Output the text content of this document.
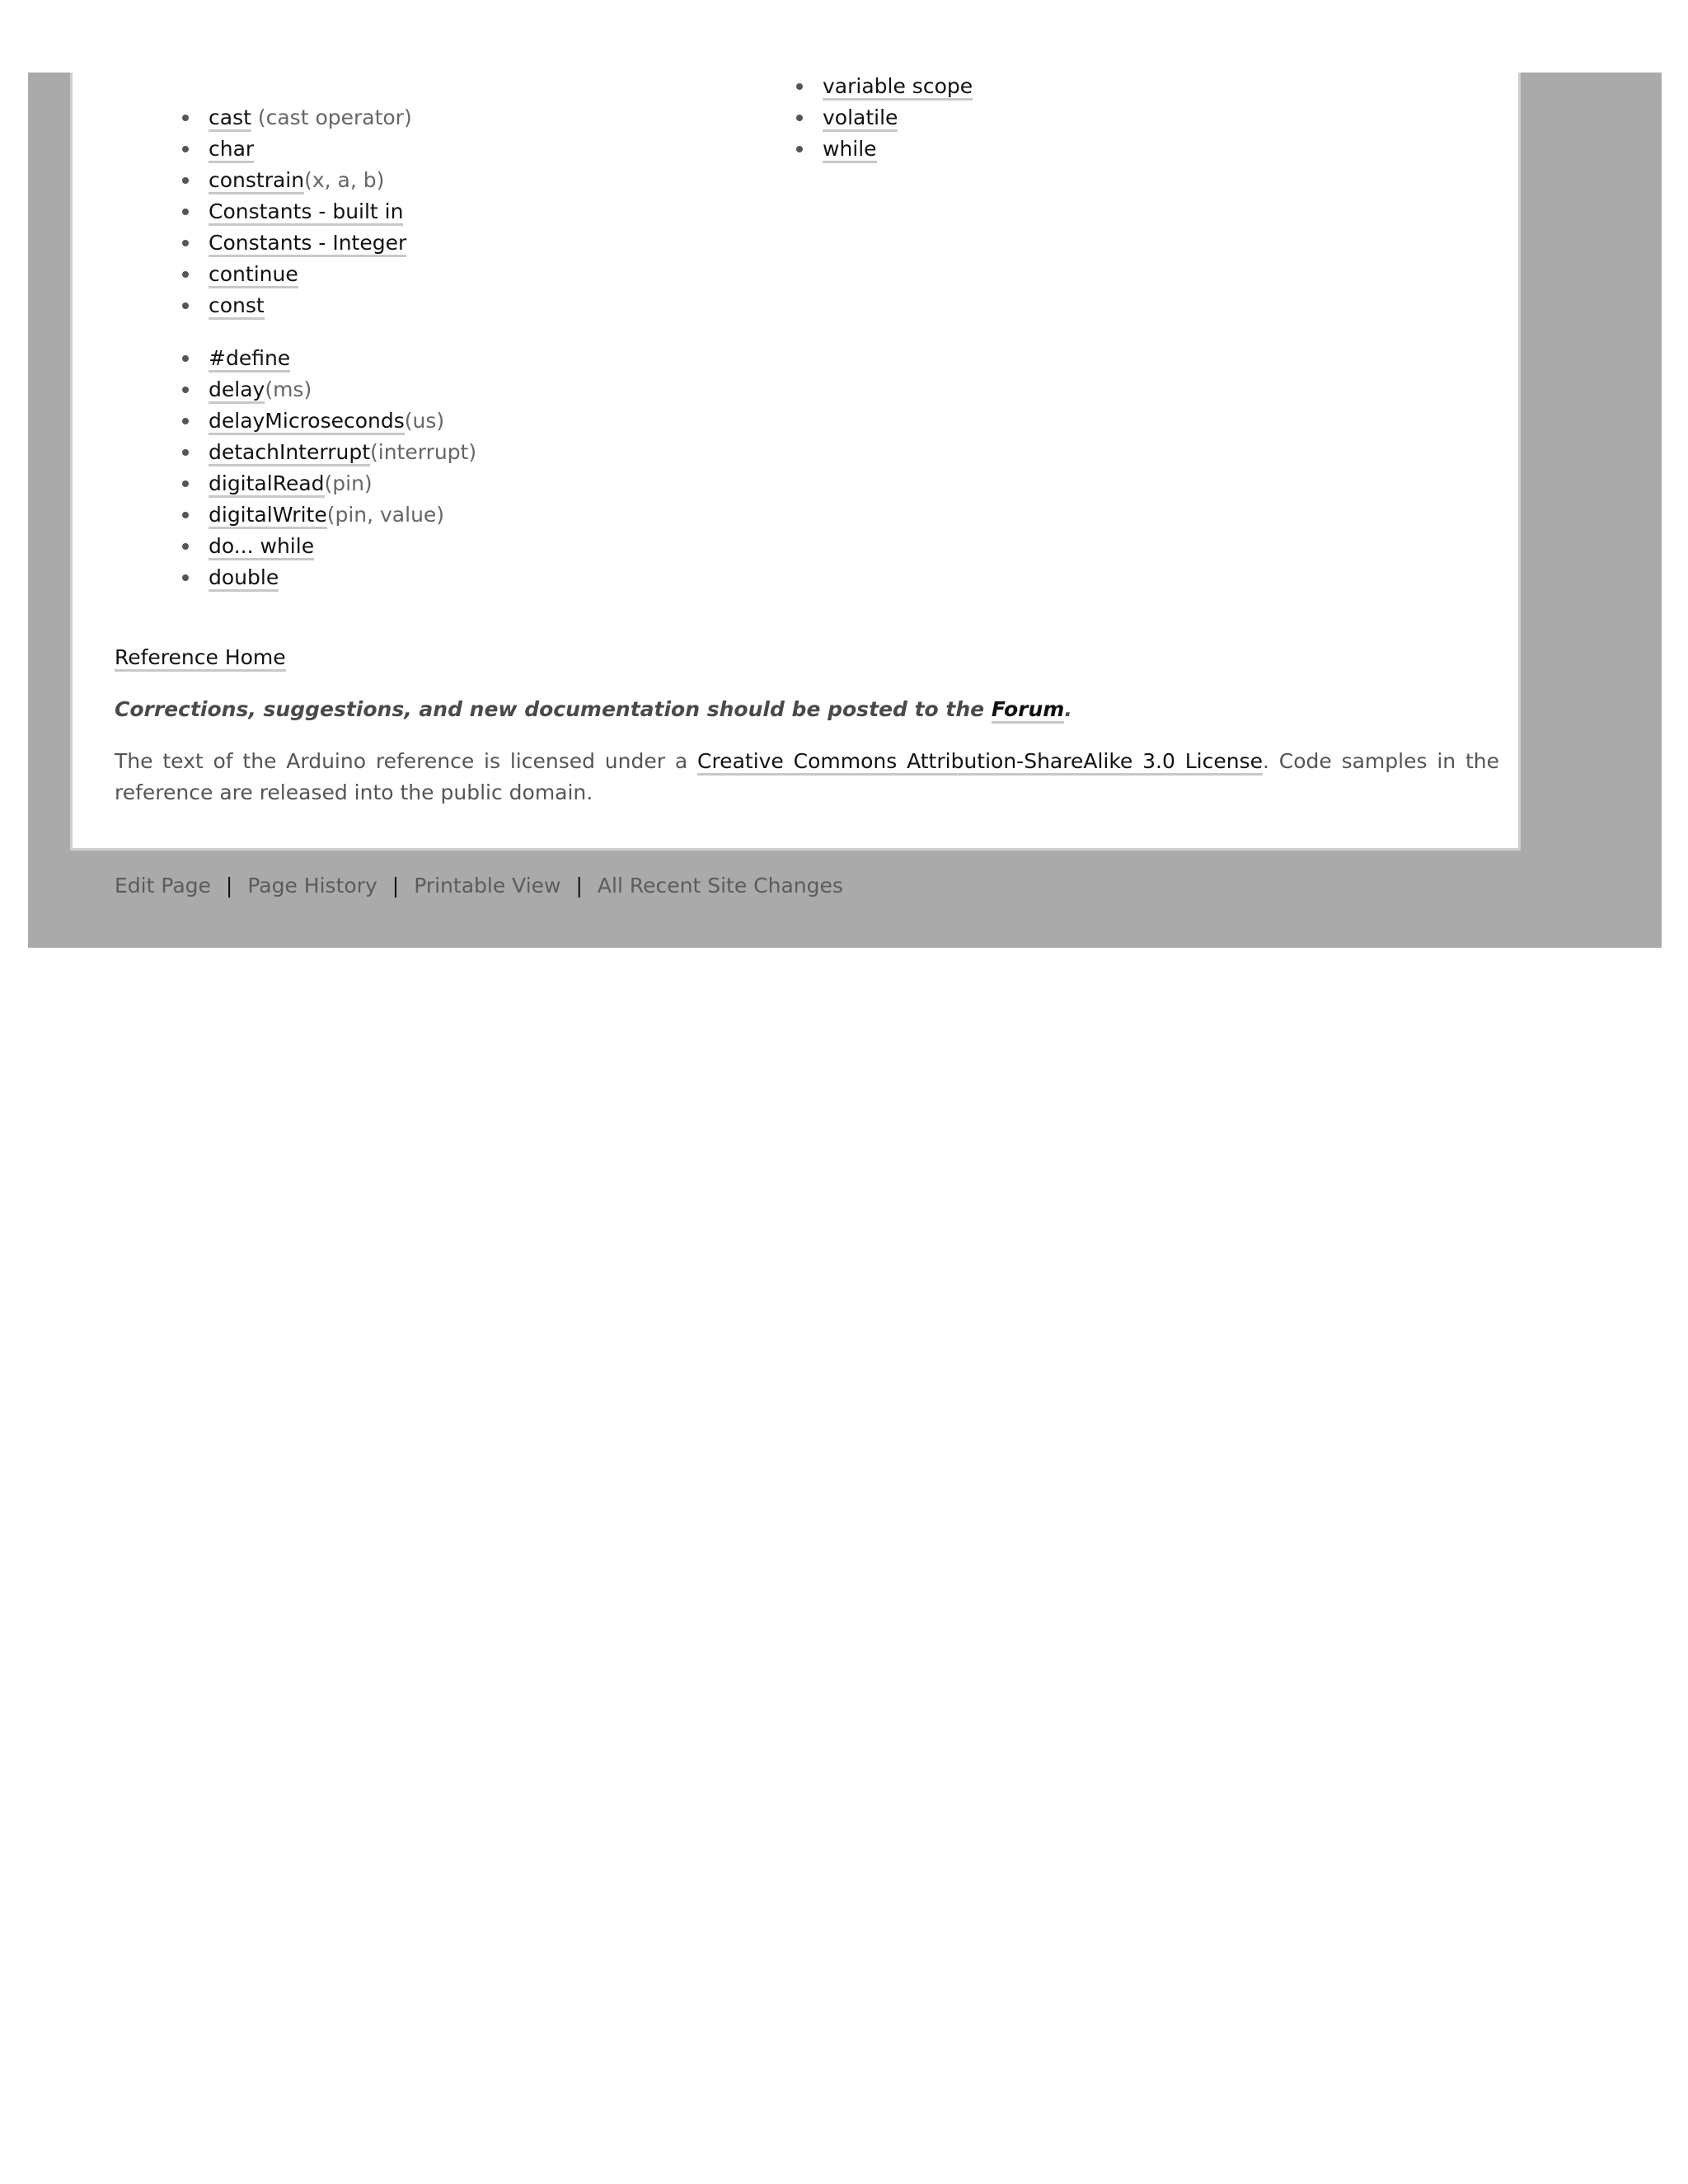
cast (cast operator)
char
constrain(x, a, b)
Constants - built in
Constants - Integer
continue
const
#define
delay(ms)
delayMicroseconds(us)
detachInterrupt(interrupt)
digitalRead(pin)
digitalWrite(pin, value)
do... while
double
variable scope
volatile
while
Reference Home
Corrections, suggestions, and new documentation should be posted to the Forum.
The text of the Arduino reference is licensed under a Creative Commons Attribution-ShareAlike 3.0 License. Code samples in the reference are released into the public domain.
Edit Page | Page History | Printable View | All Recent Site Changes
